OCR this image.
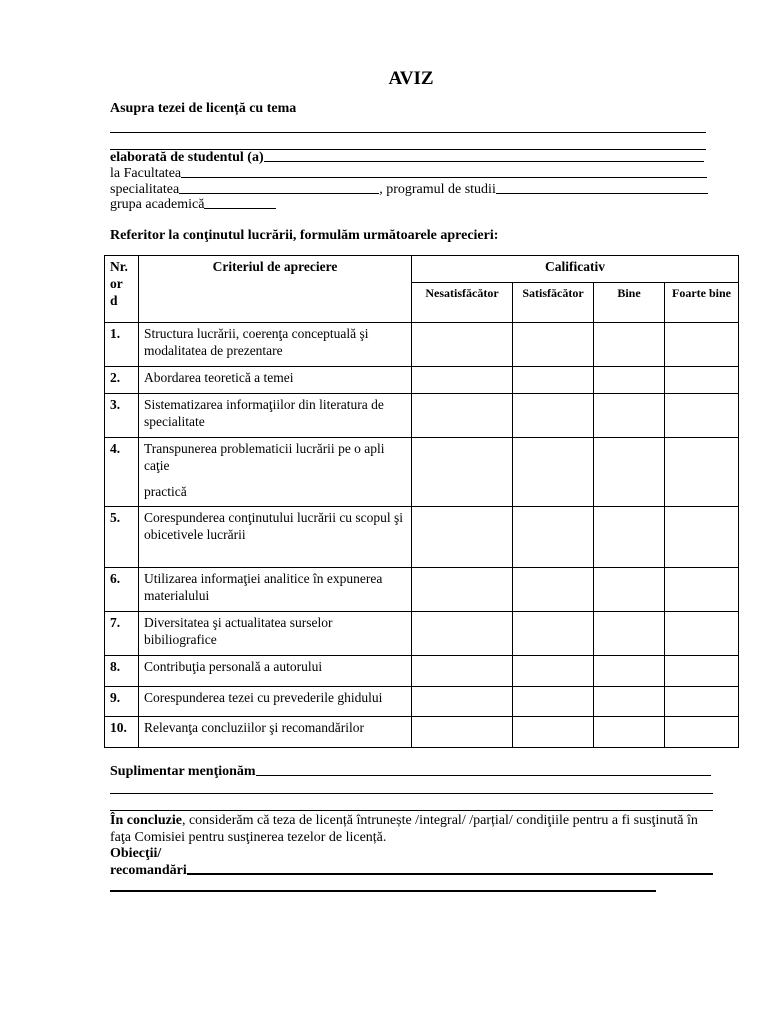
AVIZ
Asupra tezei de licență cu tema
elaborată de studentul (a)
la Facultatea
specialitatea	, programul de studii
grupa academică
Referitor la conţinutul lucrării, formulăm următoarele aprecieri:
Nr. or d	Criteriul de apreciere	Calificativ			
		Nesatisfăcător	Satisfăcător	Bine	Foarte bine
1.	Structura lucrării, coerenţa conceptuală şi modalitatea de prezentare				
2.	Abordarea teoretică a temei				
3.	Sistematizarea informaţiilor din literatura de specialitate				
4.	Transpunerea problematicii lucrării pe o apli caţie
practică				

5.	Corespunderea conţinutului lucrării cu scopul şi
obicetivele lucrării				

6.	Utilizarea informaţiei analitice în expunerea materialului				
7.	Diversitatea şi actualitatea surselor bibiliografice				
8.	Contribuţia personală a autorului				
9.	Corespunderea tezei cu prevederile ghidului				
10.	Relevanţa concluziilor şi recomandărilor				
Suplimentar menţionăm
În concluzie, considerăm că teza de licență întrunește /integral/ /parțial/ condiţiile pentru a fi susţinută în faţa Comisiei pentru susţinerea tezelor de licență.
Obiecţii/
recomandări
